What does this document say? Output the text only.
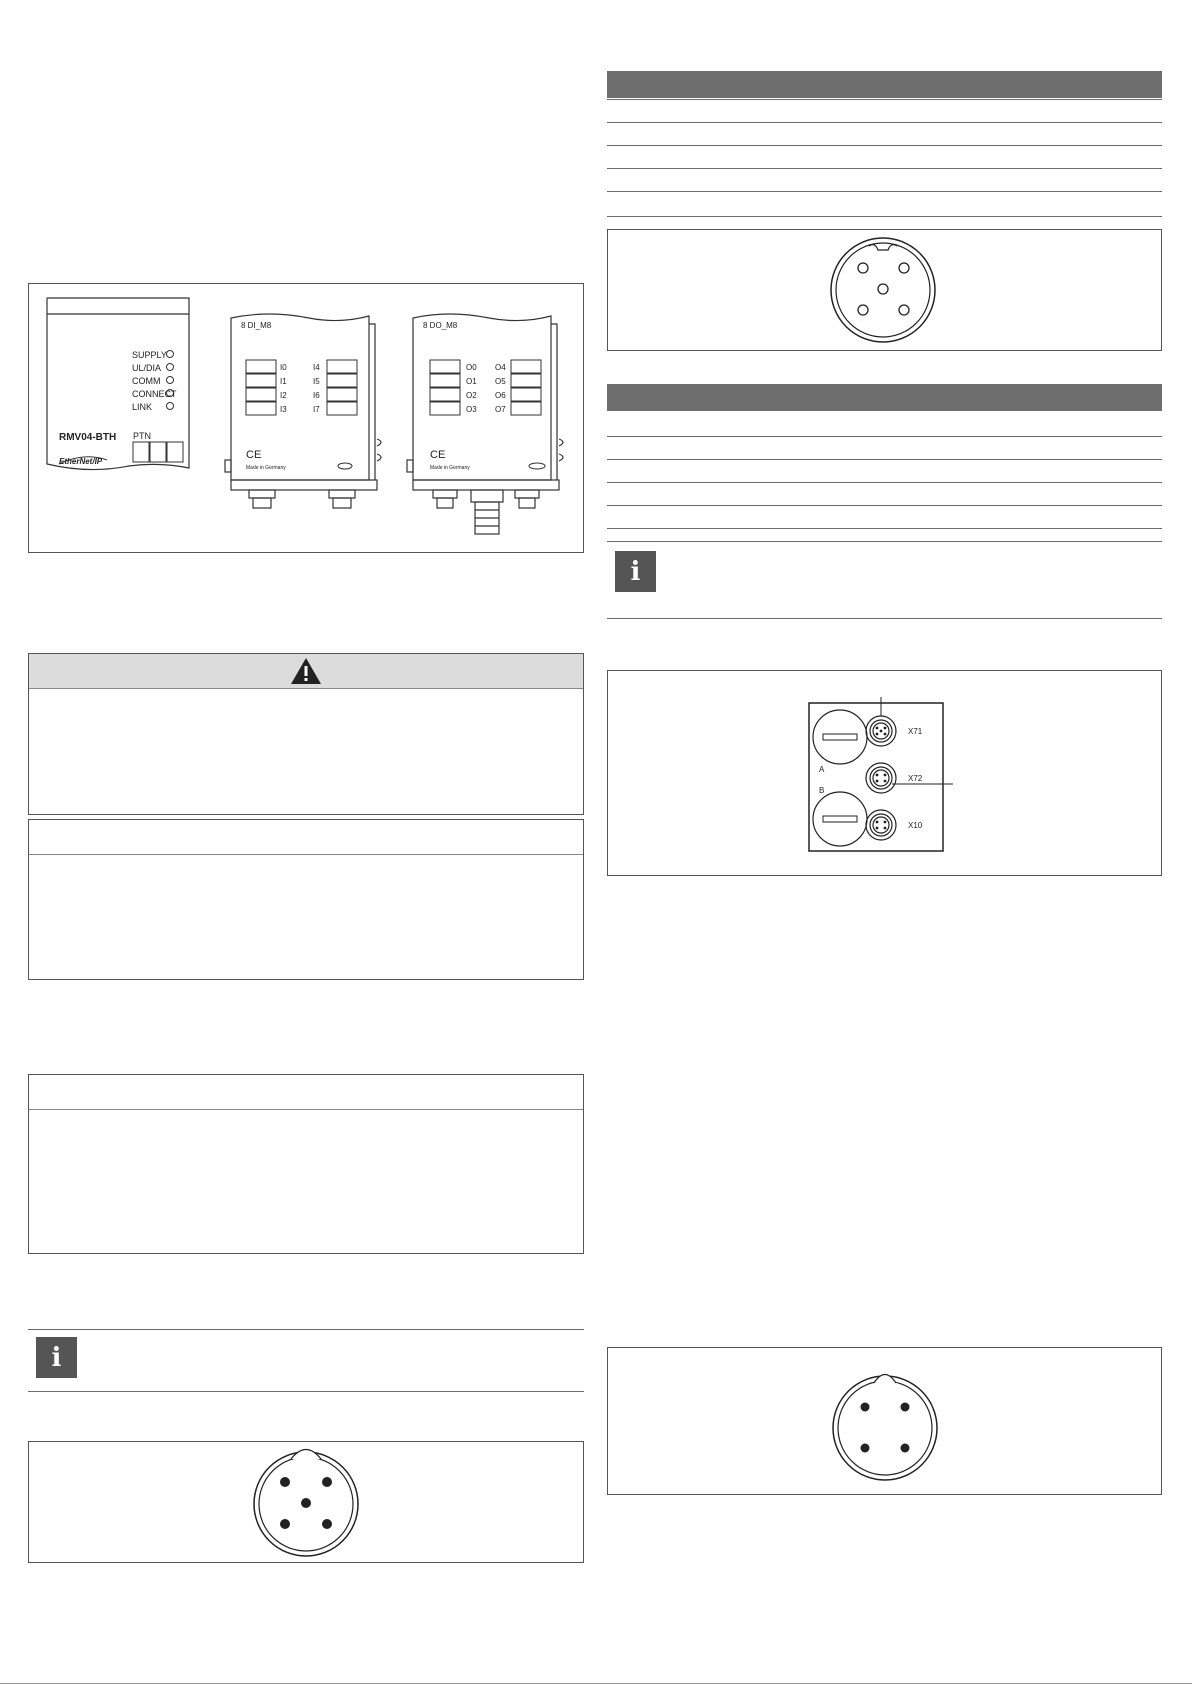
SUPPLY
UL/DIA
COMM
CONNECT
LINK
RMV04-BTH PTN
EtherNet/IP
8 DI_M8
I0
I1
I2
I3
I4
I5
I6
I7
CE
Made in Germany
8 DO_M8
O0
O1
O2
O3
O4
O5
O6
O7
CE
Made in Germany
i
i
A
B
X71
X72
X10
